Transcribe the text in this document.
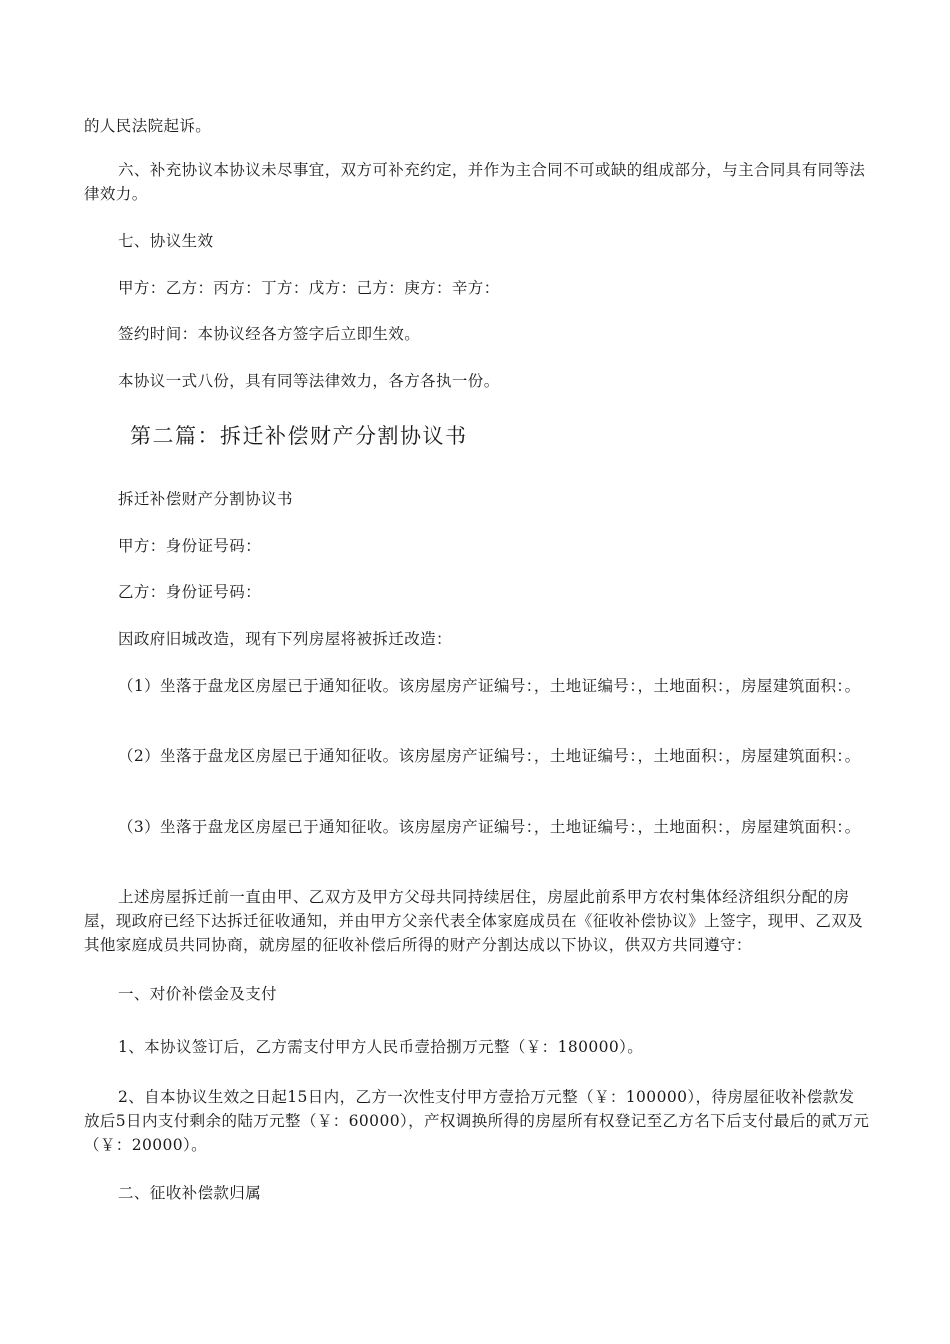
的人民法院起诉。

六、补充协议本协议未尽事宜，双方可补充约定，并作为主合同不可或缺的组成部分，与主合同具有同等法律效力。

七、协议生效

甲方：乙方：丙方：丁方：戊方：己方：庚方：辛方：

签约时间：本协议经各方签字后立即生效。

本协议一式八份，具有同等法律效力，各方各执一份。

第二篇：拆迁补偿财产分割协议书

拆迁补偿财产分割协议书

甲方：身份证号码：

乙方：身份证号码：

因政府旧城改造，现有下列房屋将被拆迁改造：

（1）坐落于盘龙区房屋已于通知征收。该房屋房产证编号：，土地证编号：，土地面积：，房屋建筑面积：。

（2）坐落于盘龙区房屋已于通知征收。该房屋房产证编号：，土地证编号：，土地面积：，房屋建筑面积：。

（3）坐落于盘龙区房屋已于通知征收。该房屋房产证编号：，土地证编号：，土地面积：，房屋建筑面积：。

上述房屋拆迁前一直由甲、乙双方及甲方父母共同持续居住，房屋此前系甲方农村集体经济组织分配的房屋，现政府已经下达拆迁征收通知，并由甲方父亲代表全体家庭成员在《征收补偿协议》上签字，现甲、乙双及其他家庭成员共同协商，就房屋的征收补偿后所得的财产分割达成以下协议，供双方共同遵守：

一、对价补偿金及支付

1、本协议签订后，乙方需支付甲方人民币壹拾捌万元整（￥：180000）。

2、自本协议生效之日起15日内，乙方一次性支付甲方壹拾万元整（￥：100000），待房屋征收补偿款发放后5日内支付剩余的陆万元整（￥：60000），产权调换所得的房屋所有权登记至乙方名下后支付最后的贰万元（￥：20000）。

二、征收补偿款归属
